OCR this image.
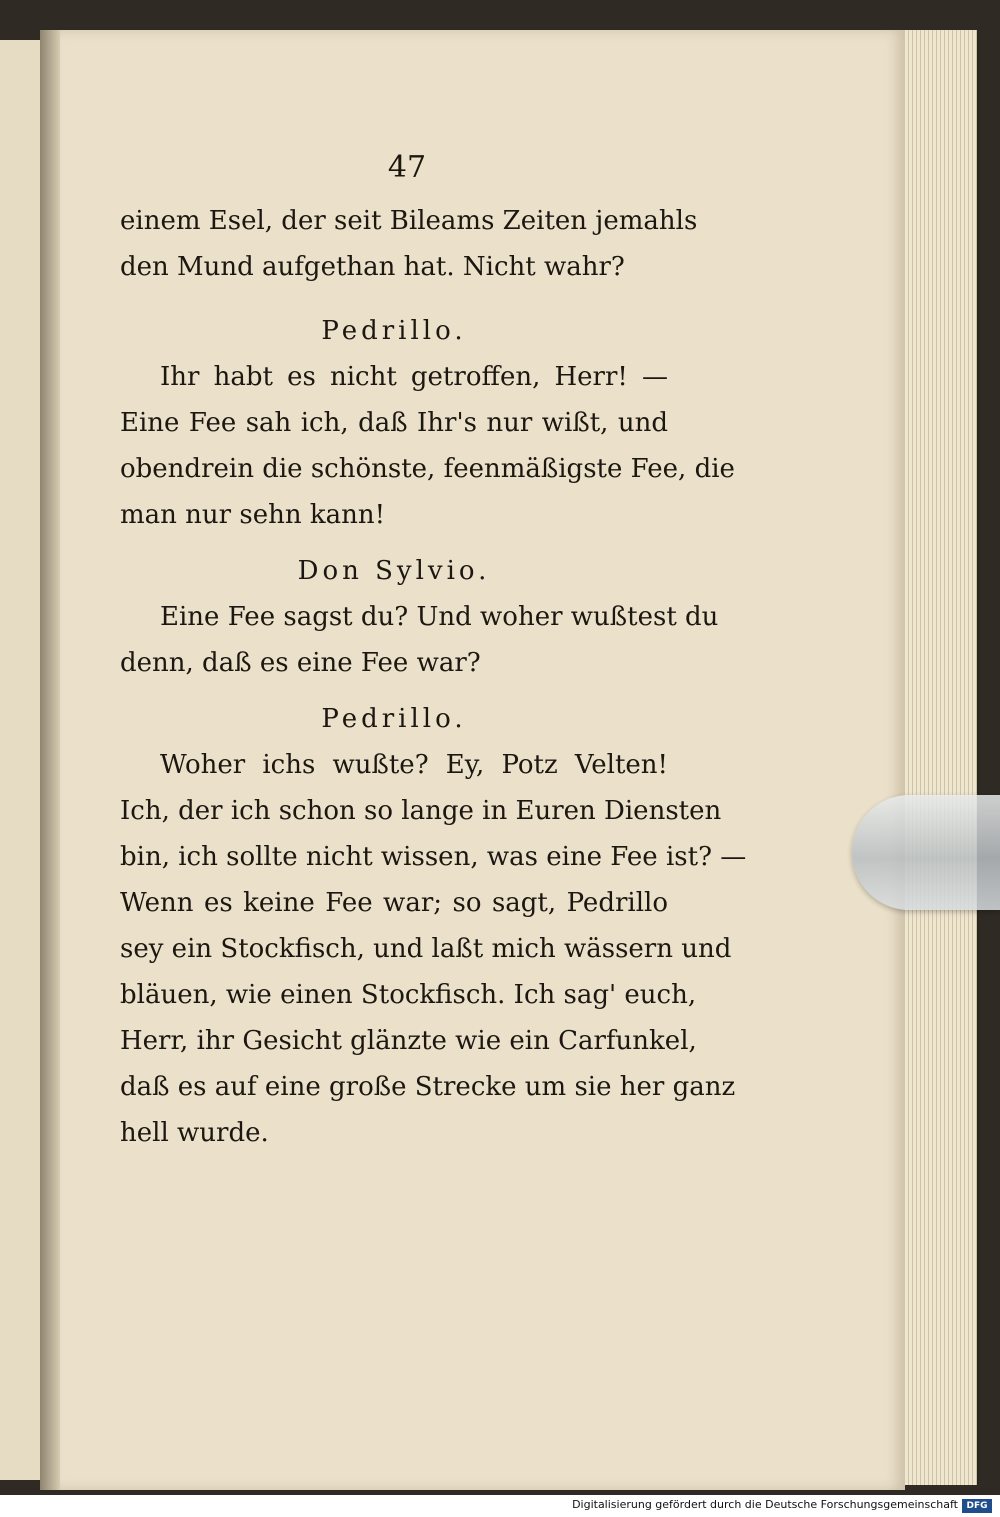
47
einem Esel, der seit Bileams Zeiten jemahls
den Mund aufgethan hat. Nicht wahr?
Pedrillo.
Ihr habt es nicht getroffen, Herr! —
Eine Fee sah ich, daß Ihr's nur wißt, und
obendrein die schönste, feenmäßigste Fee, die
man nur sehn kann!
Don Sylvio.
Eine Fee sagst du? Und woher wußtest du
denn, daß es eine Fee war?
Pedrillo.
Woher ichs wußte? Ey, Potz Velten!
Ich, der ich schon so lange in Euren Diensten
bin, ich sollte nicht wissen, was eine Fee ist? —
Wenn es keine Fee war; so sagt, Pedrillo
sey ein Stockfisch, und laßt mich wässern und
bläuen, wie einen Stockfisch. Ich sag' euch,
Herr, ihr Gesicht glänzte wie ein Carfunkel,
daß es auf eine große Strecke um sie her ganz
hell wurde.
Digitalisierung gefördert durch die Deutsche Forschungsgemeinschaft DFG
